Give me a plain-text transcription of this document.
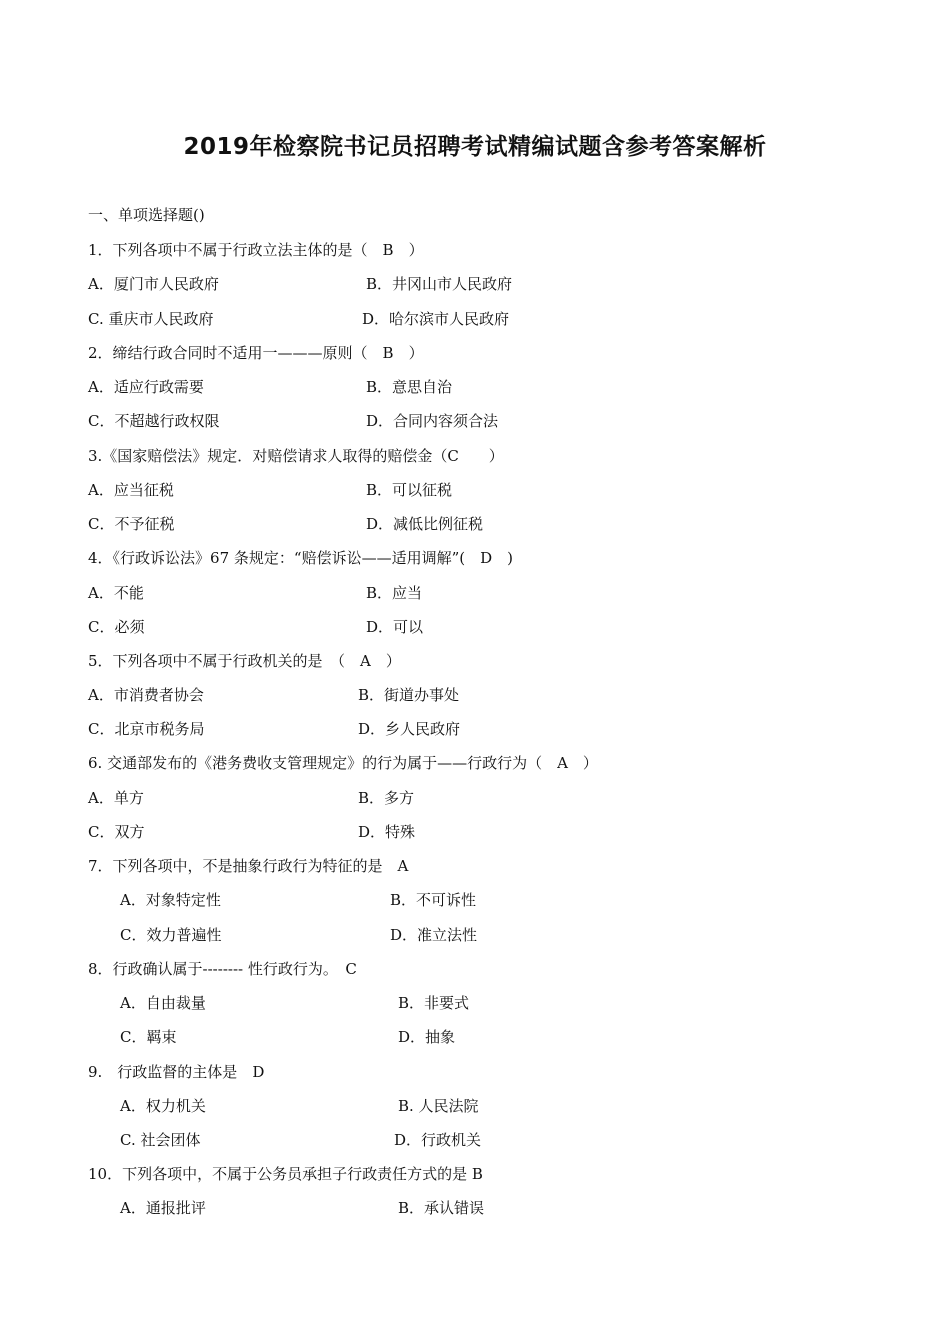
2019年检察院书记员招聘考试精编试题含参考答案解析
一、单项选择题()
1．下列各项中不属于行政立法主体的是（　B　）
A．厦门市人民政府	B．井冈山市人民政府
C. 重庆市人民政府	D．哈尔滨市人民政府
2．缔结行政合同时不适用一———原则（　B　）
A．适应行政需要	B．意思自治
C．不超越行政权限	D．合同内容须合法
3.《国家赔偿法》规定．对赔偿请求人取得的赔偿金（C　　）
A．应当征税	B．可以征税
C．不予征税	D．减低比例征税
4．《行政诉讼法》67 条规定：“赔偿诉讼——适用调解”(　D　)
A．不能	B．应当
C．必须	D．可以
5．下列各项中不属于行政机关的是　（　A　）
A．市消费者协会	B．街道办事处
C．北京市税务局	D．乡人民政府
6. 交通部发布的《港务费收支管理规定》的行为属于——行政行为（　A　）
A．单方	B．多方
C．双方	D．特殊
7．下列各项中，不是抽象行政行为特征的是　A
A．对象特定性	B．不可诉性
C．效力普遍性	D．准立法性
8．行政确认属于-------- 性行政行为。　C
A．自由裁量	B．非要式
C．羁束	D．抽象
9.　行政监督的主体是　D
A．权力机关	B. 人民法院
C. 社会团体	D．行政机关
10．下列各项中，不属于公务员承担子行政责任方式的是 B
A．通报批评	B．承认错误
